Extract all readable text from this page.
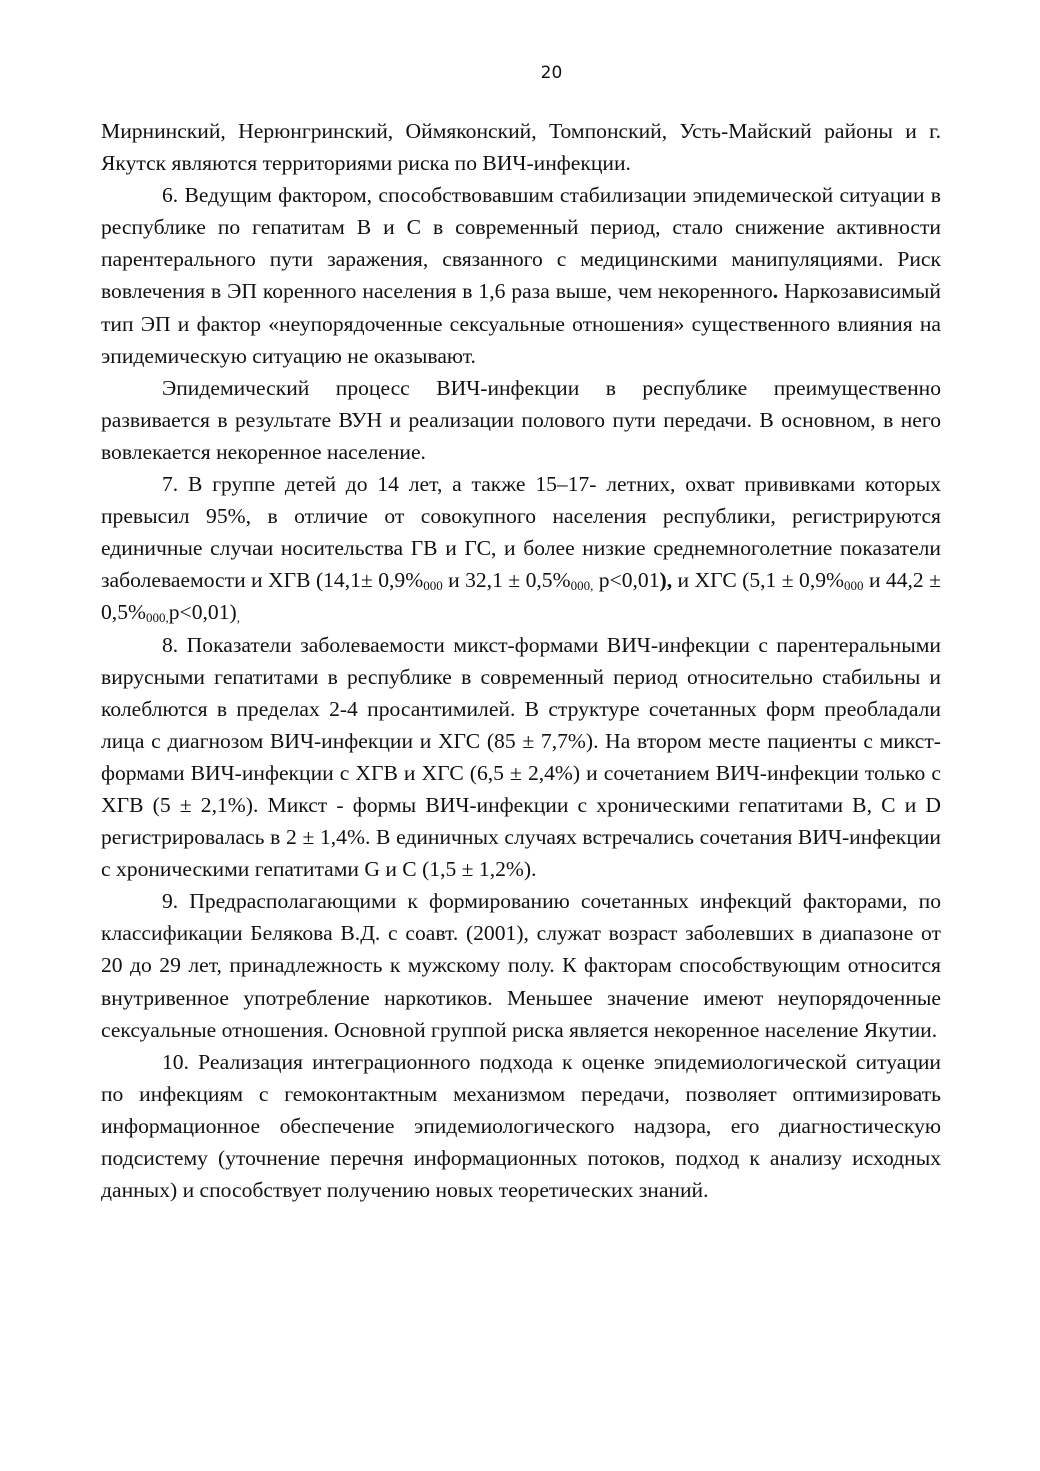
20

Мирнинский, Нерюнгринский, Оймяконский, Томпонский, Усть-Майский районы и г. Якутск являются территориями риска по ВИЧ-инфекции.

6. Ведущим фактором, способствовавшим стабилизации эпидемической ситуации в республике по гепатитам В и С в современный период, стало снижение активности парентерального пути заражения, связанного с медицинскими манипуляциями. Риск вовлечения в ЭП коренного населения в 1,6 раза выше, чем некоренного. Наркозависимый тип ЭП и фактор «неупорядоченные сексуальные отношения» существенного влияния на эпидемическую ситуацию не оказывают.

Эпидемический процесс ВИЧ-инфекции в республике преимущественно развивается в результате ВУН и реализации полового пути передачи. В основном, в него вовлекается некоренное население.

7. В группе детей до 14 лет, а также 15–17- летних, охват прививками которых превысил 95%, в отличие от совокупного населения республики, регистрируются единичные случаи носительства ГВ и ГС, и более низкие среднемноголетние показатели заболеваемости и ХГВ ($14,1\pm 0,9\%_{000}$ и $32,1 \pm 0,5\%_{000,}$ р<0,01), и ХГС ($5,1 \pm 0,9\%_{000}$ и $44,2 \pm 0,5\%_{000,}р<0,01)_,$

8. Показатели заболеваемости микст-формами ВИЧ-инфекции с парентеральными вирусными гепатитами в республике в современный период относительно стабильны и колеблются в пределах 2-4 просантимилей. В структуре сочетанных форм преобладали лица с диагнозом ВИЧ-инфекции и ХГС (85 ± 7,7%). На втором месте пациенты с микст-формами ВИЧ-инфекции с ХГВ и ХГС (6,5 ± 2,4%) и сочетанием ВИЧ-инфекции только с ХГВ (5 ± 2,1%). Микст - формы ВИЧ-инфекции с хроническими гепатитами В, С и D регистрировалась в 2 ± 1,4%. В единичных случаях встречались сочетания ВИЧ-инфекции с хроническими гепатитами G и С (1,5 ± 1,2%).

9. Предрасполагающими к формированию сочетанных инфекций факторами, по классификации Белякова В.Д. с соавт. (2001), служат возраст заболевших в диапазоне от 20 до 29 лет, принадлежность к мужскому полу. К факторам способствующим относится внутривенное употребление наркотиков. Меньшее значение имеют неупорядоченные сексуальные отношения. Основной группой риска является некоренное население Якутии.

10. Реализация интеграционного подхода к оценке эпидемиологической ситуации по инфекциям с гемоконтактным механизмом передачи, позволяет оптимизировать информационное обеспечение эпидемиологического надзора, его диагностическую подсистему (уточнение перечня информационных потоков, подход к анализу исходных данных) и способствует получению новых теоретических знаний.
